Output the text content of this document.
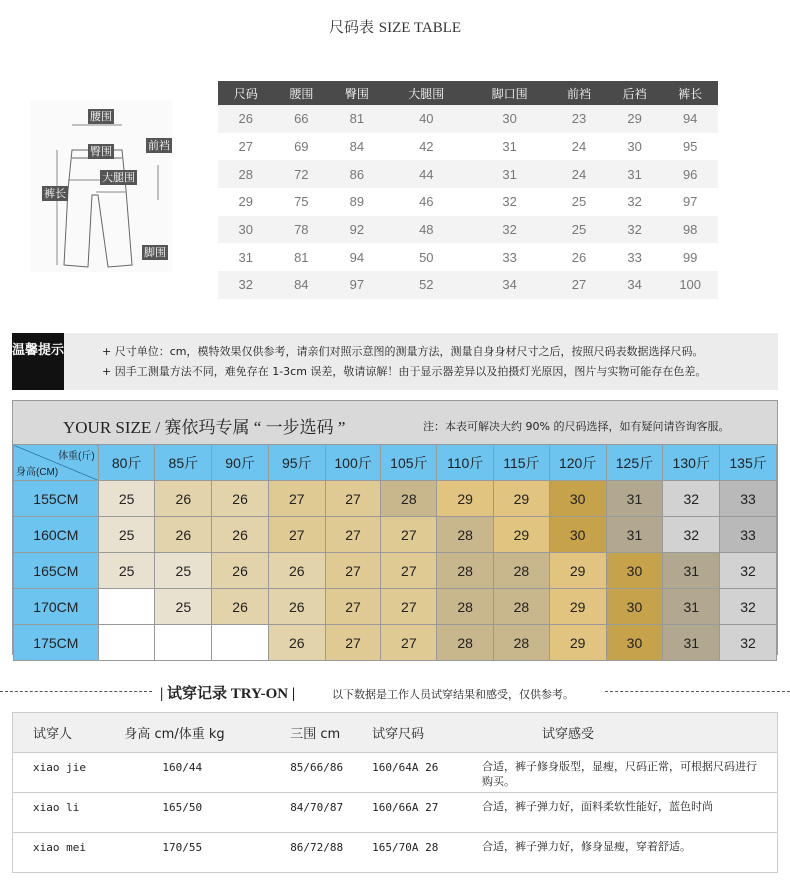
尺码表 SIZE TABLE
腰围
臀围	前裆
大腿围
裤长
脚围
尺码	腰围	臀围	大腿围	脚口围	前裆	后裆	裤长
26	66	81	40	30	23	29	94
27	69	84	42	31	24	30	95
28	72	86	44	31	24	31	96
29	75	89	46	32	25	32	97
30	78	92	48	32	25	32	98
31	81	94	50	33	26	33	99
32	84	97	52	34	27	34	100
温馨提示	+ 尺寸单位：cm，模特效果仅供参考，请亲们对照示意图的测量方法，测量自身身材尺寸之后，按照尺码表数据选择尺码。
+ 因手工测量方法不同，难免存在 1-3cm 误差，敬请谅解！由于显示器差异以及拍摄灯光原因，图片与实物可能存在色差。
YOUR SIZE / 赛依玛专属 “ 一步选码 ”	注：本表可解决大约 90% 的尺码选择，如有疑问请咨询客服。
体重(斤)
身高(CM)	80斤	85斤	90斤	95斤	100斤	105斤	110斤	115斤	120斤	125斤	130斤	135斤
155CM	25	26	26	27	27	28	29	29	30	31	32	33
160CM	25	26	26	27	27	27	28	29	30	31	32	33
165CM	25	25	26	26	27	27	28	28	29	30	31	32
170CM		25	26	26	27	27	28	28	29	30	31	32
175CM				26	27	27	28	28	29	30	31	32
| 试穿记录 TRY-ON |	以下数据是工作人员试穿结果和感受，仅供参考。
试穿人	身高 cm/体重 kg	三围 cm	试穿尺码	试穿感受
xiao jie	160/44	85/66/86	160/64A 26	合适，裤子修身版型，显瘦，尺码正常，可根据尺码进行购买。
xiao li	165/50	84/70/87	160/66A 27	合适，裤子弹力好，面料柔软性能好，蓝色时尚
xiao mei	170/55	86/72/88	165/70A 28	合适，裤子弹力好，修身显瘦，穿着舒适。
